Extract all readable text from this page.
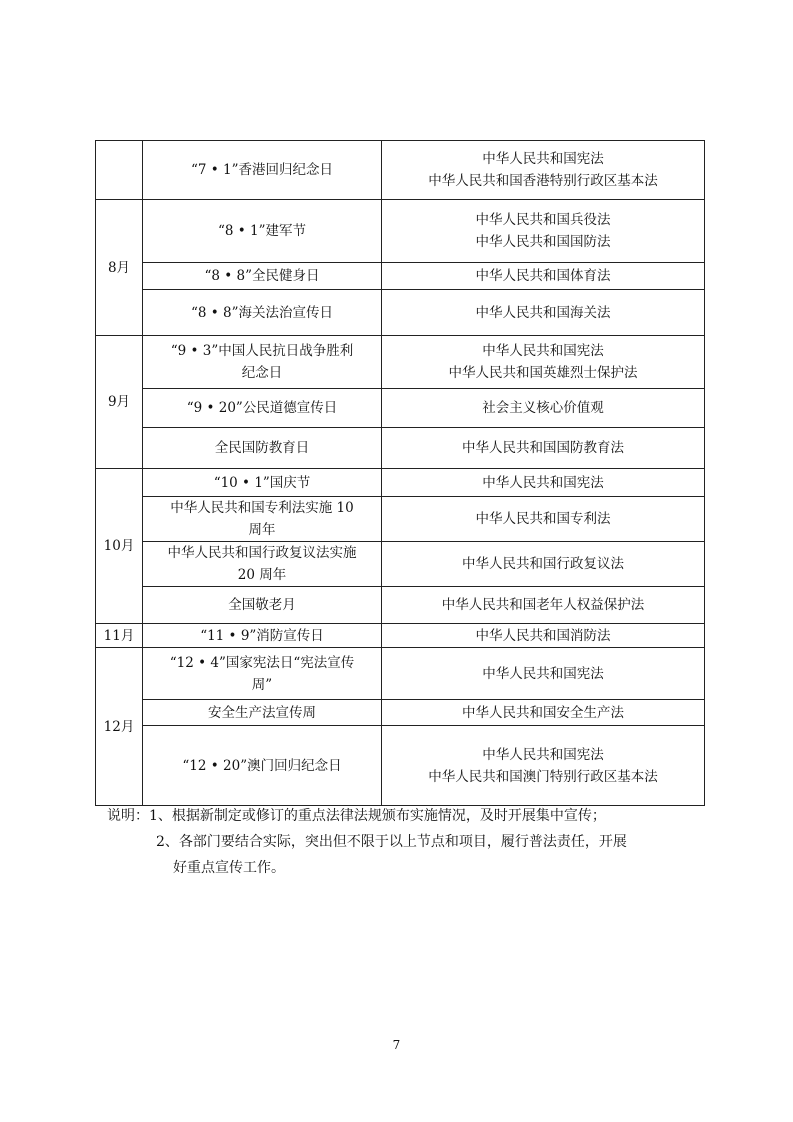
	“7 • 1”香港回归纪念日	中华人民共和国宪法
中华人民共和国香港特别行政区基本法

8月	“8 • 1”建军节	中华人民共和国兵役法
中华人民共和国国防法

	“8 • 8”全民健身日	中华人民共和国体育法

	“8 • 8”海关法治宣传日	中华人民共和国海关法

9月	“9 • 3”中国人民抗日战争胜利
纪念日	中华人民共和国宪法
中华人民共和国英雄烈士保护法

	“9 • 20”公民道德宣传日	社会主义核心价值观

	全民国防教育日	中华人民共和国国防教育法

10月	“10 • 1”国庆节	中华人民共和国宪法

	中华人民共和国专利法实施 10
周年	中华人民共和国专利法

	中华人民共和国行政复议法实施
20 周年	中华人民共和国行政复议法

	全国敬老月	中华人民共和国老年人权益保护法

11月	“11 • 9”消防宣传日	中华人民共和国消防法

12月	“12 • 4”国家宪法日“宪法宣传
周”	中华人民共和国宪法

	安全生产法宣传周	中华人民共和国安全生产法

	“12 • 20”澳门回归纪念日	中华人民共和国宪法
中华人民共和国澳门特别行政区基本法
说明：1、根据新制定或修订的重点法律法规颁布实施情况，及时开展集中宣传；
2、各部门要结合实际，突出但不限于以上节点和项目，履行普法责任，开展
好重点宣传工作。
7
